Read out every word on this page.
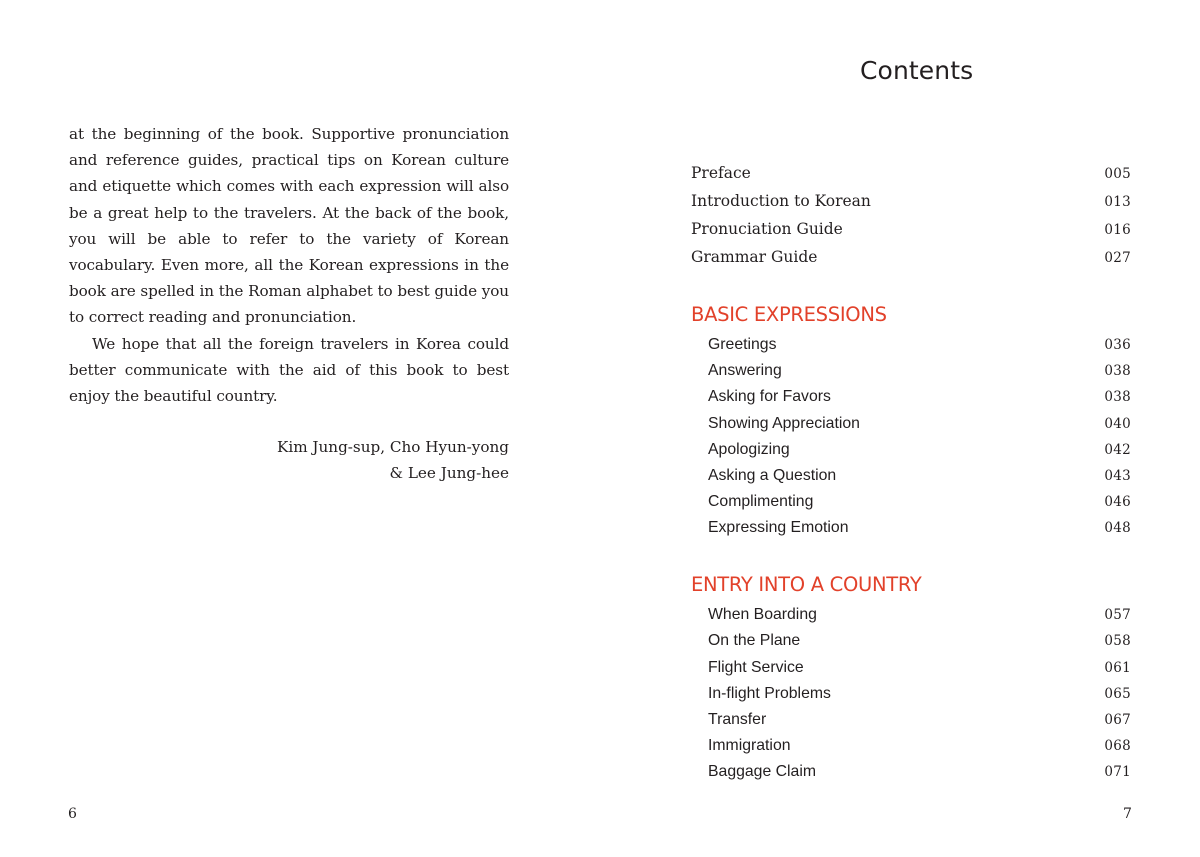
at the beginning of the book. Supportive pronunciation and reference guides, practical tips on Korean culture and etiquette which comes with each expression will also be a great help to the travelers. At the back of the book, you will be able to refer to the variety of Korean vocabulary. Even more, all the Korean expressions in the book are spelled in the Roman alphabet to best guide you to correct reading and pronunciation.

We hope that all the foreign travelers in Korea could better communicate with the aid of this book to best enjoy the beautiful country.

Kim Jung-sup, Cho Hyun-yong
& Lee Jung-hee
6
Contents
Preface	005
Introduction to Korean	013
Pronuciation Guide	016
Grammar Guide	027
BASIC EXPRESSIONS
Greetings	036
Answering	038
Asking for Favors	038
Showing Appreciation	040
Apologizing	042
Asking a Question	043
Complimenting	046
Expressing Emotion	048
ENTRY INTO A COUNTRY
When Boarding	057
On the Plane	058
Flight Service	061
In-flight Problems	065
Transfer	067
Immigration	068
Baggage Claim	071
7
